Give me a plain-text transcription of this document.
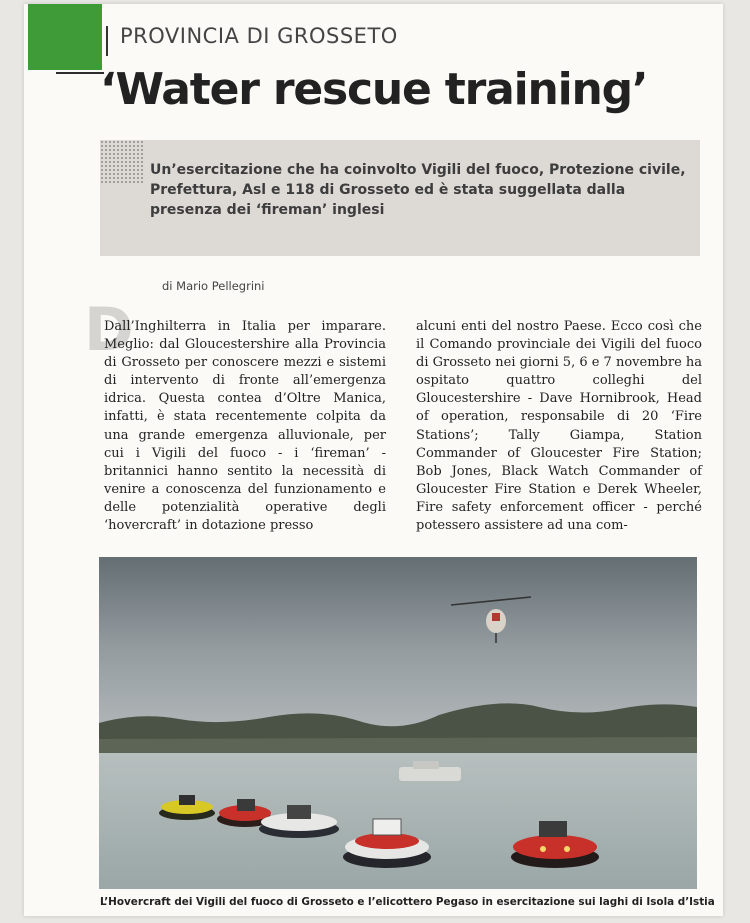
PROVINCIA DI GROSSETO
‘Water rescue training’
Un’esercitazione che ha coinvolto Vigili del fuoco, Protezione civile, Prefettura, Asl e 118 di Grosseto ed è stata suggellata dalla presenza dei ‘fireman’ inglesi
di Mario Pellegrini
D

Dall’Inghilterra in Italia per imparare. Meglio: dal Gloucestershire alla Provincia di Grosseto per conoscere mezzi e sistemi di intervento di fronte all’emergenza idrica. Questa contea d’Oltre Manica, infatti, è stata recentemente colpita da una grande emergenza alluvionale, per cui i Vigili del fuoco - i ‘fireman’ - britannici hanno sentito la necessità di venire a conoscenza del funzionamento e delle potenzialità operative degli ‘hovercraft’ in dotazione presso

alcuni enti del nostro Paese. Ecco così che il Comando provinciale dei Vigili del fuoco di Grosseto nei giorni 5, 6 e 7 novembre ha ospitato quattro colleghi del Gloucestershire - Dave Hornibrook, Head of operation, responsabile di 20 ‘Fire Stations’; Tally Giampa, Station Commander of Gloucester Fire Station; Bob Jones, Black Watch Commander of Gloucester Fire Station e Derek Wheeler, Fire safety enforcement officer - perché potessero assistere ad una com-

L’Hovercraft dei Vigili del fuoco di Grosseto e l’elicottero Pegaso in esercitazione sui laghi di Isola d’Istia
